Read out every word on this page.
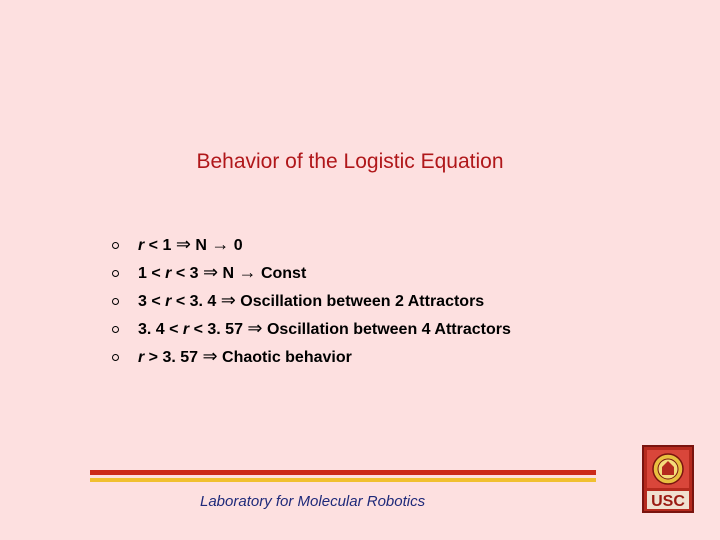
Behavior of the Logistic Equation
r < 1 ⇒ N → 0
1 < r < 3 ⇒ N → Const
3 < r < 3. 4 ⇒ Oscillation between 2 Attractors
3. 4 < r < 3. 57 ⇒ Oscillation between 4 Attractors
r > 3. 57 ⇒ Chaotic behavior
Laboratory for Molecular Robotics	USC
